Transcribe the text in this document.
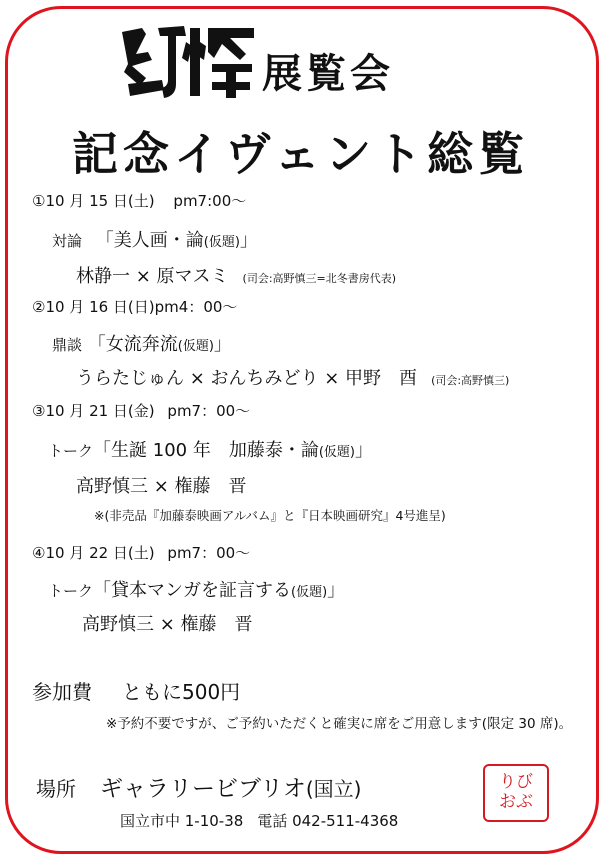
展覧会
記念イヴェント総覧
①10 月 15 日(土) pm7:00～
対論 「美人画・論(仮題)」
林静一 × 原マスミ (司会:高野慎三=北冬書房代表)
②10 月 16 日(日)pm4：00～
鼎談 「女流奔流(仮題)」
うらたじゅん × おんちみどり × 甲野　酉 (司会:高野慎三)
③10 月 21 日(金) pm7：00～
トーク「生誕 100 年　加藤泰・論(仮題)」
高野慎三 × 権藤　晋
※(非売品『加藤泰映画アルバム』と『日本映画研究』4号進呈)
④10 月 22 日(土) pm7：00～
トーク「貸本マンガを証言する(仮題)」
高野慎三 × 権藤　晋
参加費 ともに500円
※予約不要ですが、ご予約いただくと確実に席をご用意します(限定 30 席)。
場所 ギャラリービブリオ(国立)
国立市中 1-10-38 電話 042-511-4368
りび
おぶ
